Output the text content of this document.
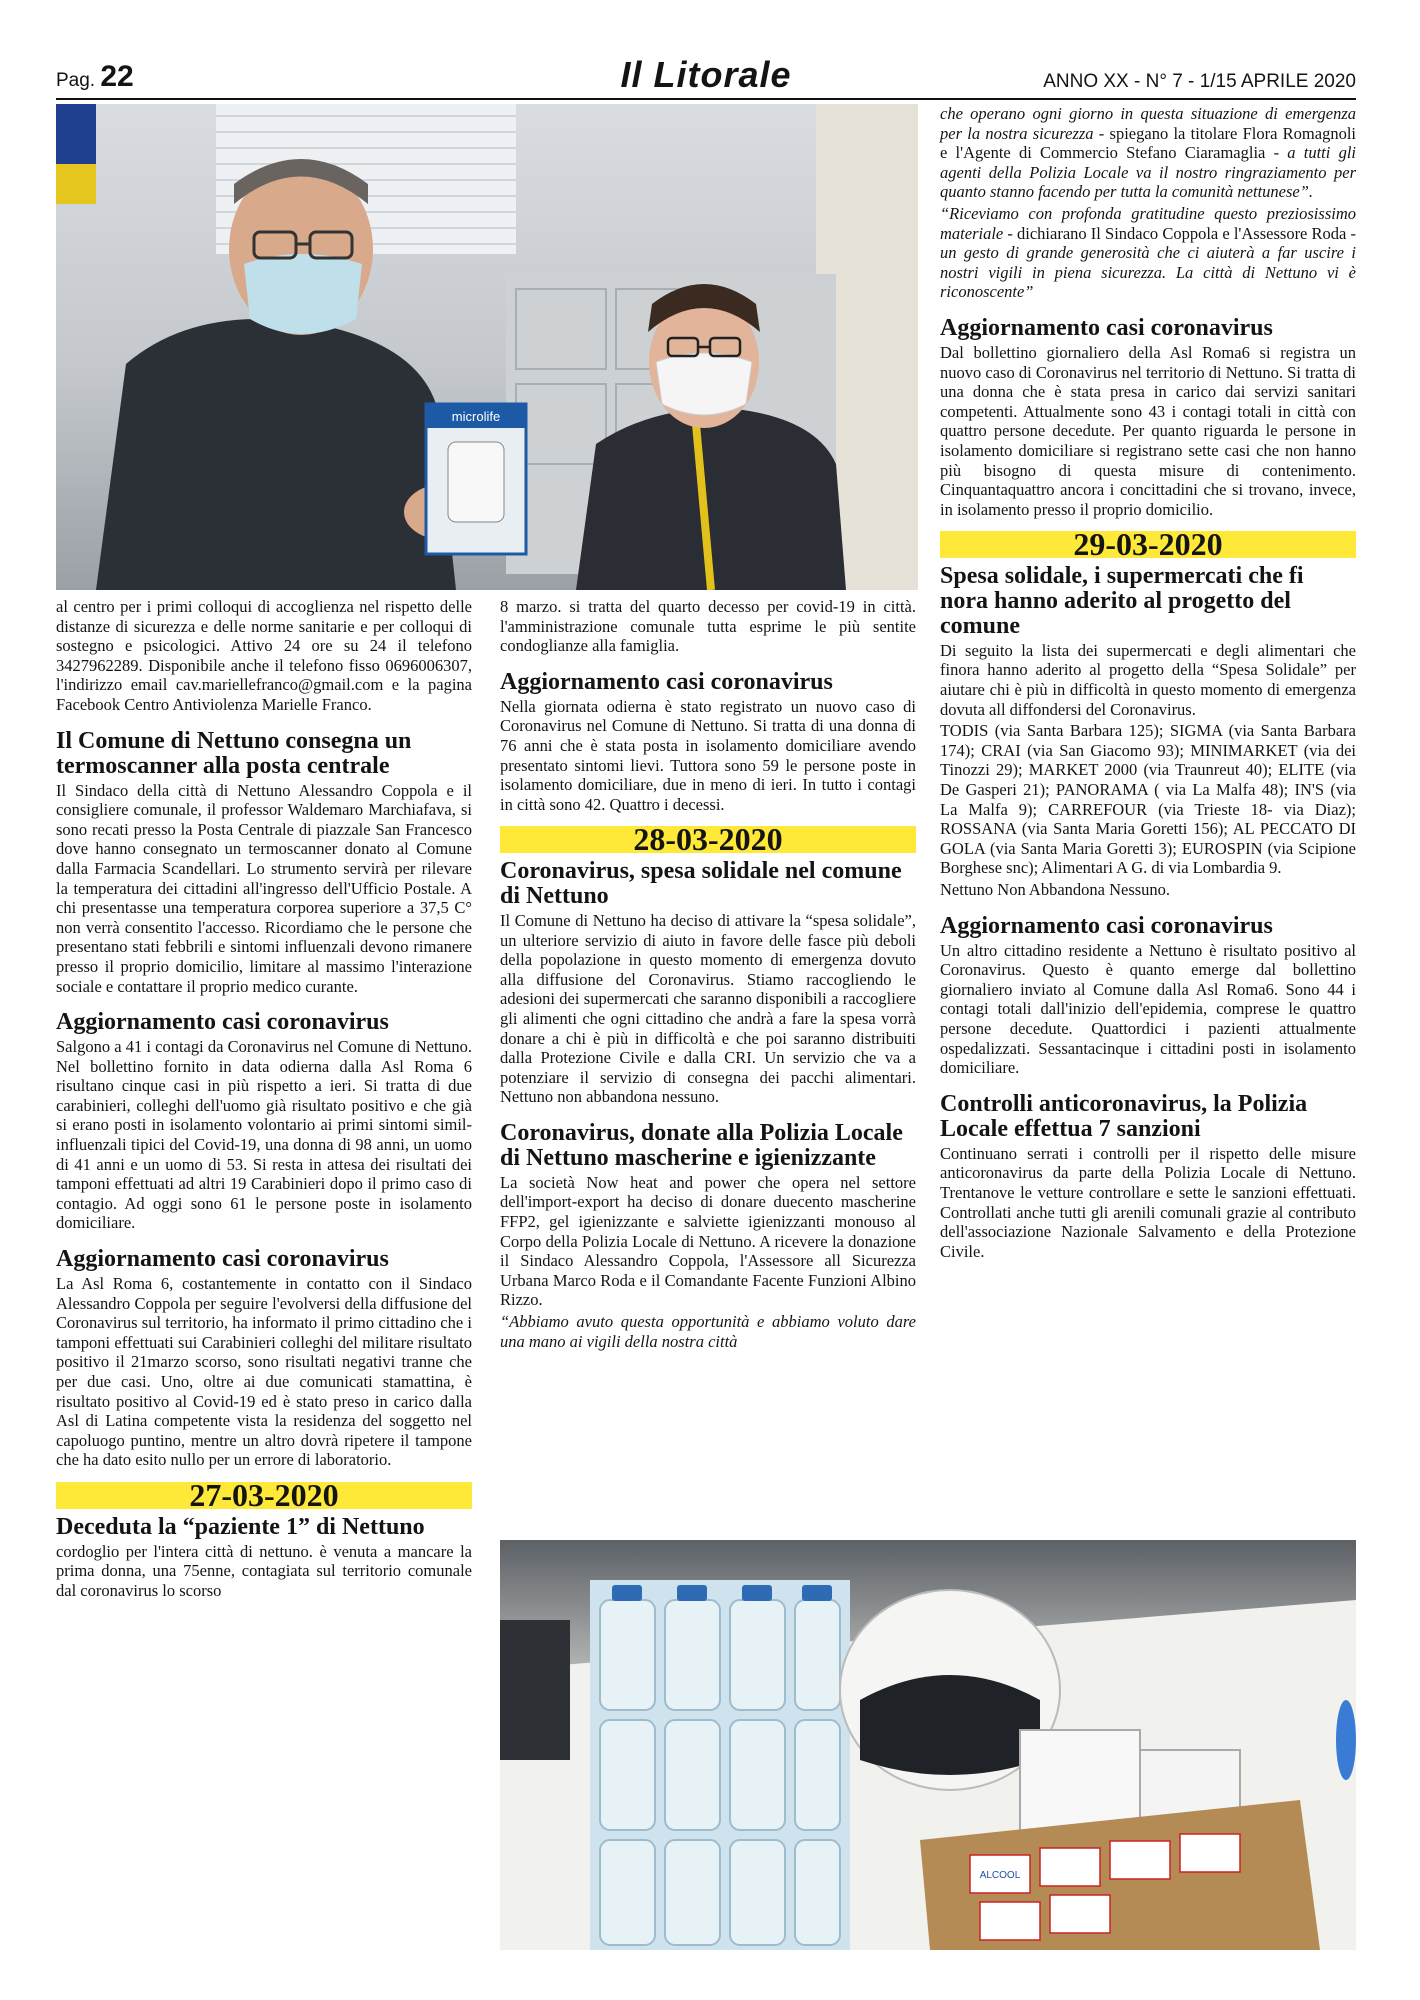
Pag. 22	Il Litorale	ANNO XX - N° 7 - 1/15 APRILE 2020
microlife

al centro per i primi colloqui di accoglienza nel rispetto delle distanze di sicurezza e delle norme sanitarie e per colloqui di sostegno e psicologici. Attivo 24 ore su 24 il telefono 3427962289. Disponibile anche il telefono fisso 0696006307, l'indirizzo email cav.mariellefranco@gmail.com e la pagina Facebook Centro Antiviolenza Marielle Franco.

Il Comune di Nettuno consegna un termoscanner alla posta centrale

Il Sindaco della città di Nettuno Alessandro Coppola e il consigliere comunale, il professor Waldemaro Marchiafava, si sono recati presso la Posta Centrale di piazzale San Francesco dove hanno consegnato un termoscanner donato al Comune dalla Farmacia Scandellari. Lo strumento servirà per rilevare la temperatura dei cittadini all'ingresso dell'Ufficio Postale. A chi presentasse una temperatura corporea superiore a 37,5 C° non verrà consentito l'accesso. Ricordiamo che le persone che presentano stati febbrili e sintomi influenzali devono rimanere presso il proprio domicilio, limitare al massimo l'interazione sociale e contattare il proprio medico curante.

Aggiornamento casi coronavirus

Salgono a 41 i contagi da Coronavirus nel Comune di Nettuno. Nel bollettino fornito in data odierna dalla Asl Roma 6 risultano cinque casi in più rispetto a ieri. Si tratta di due carabinieri, colleghi dell'uomo già risultato positivo e che già si erano posti in isolamento volontario ai primi sintomi simil-influenzali tipici del Covid-19, una donna di 98 anni, un uomo di 41 anni e un uomo di 53. Si resta in attesa dei risultati dei tamponi effettuati ad altri 19 Carabinieri dopo il primo caso di contagio. Ad oggi sono 61 le persone poste in isolamento domiciliare.

Aggiornamento casi coronavirus

La Asl Roma 6, costantemente in contatto con il Sindaco Alessandro Coppola per seguire l'evolversi della diffusione del Coronavirus sul territorio, ha informato il primo cittadino che i tamponi effettuati sui Carabinieri colleghi del militare risultato positivo il 21marzo scorso, sono risultati negativi tranne che per due casi. Uno, oltre ai due comunicati stamattina, è risultato positivo al Covid-19 ed è stato preso in carico dalla Asl di Latina competente vista la residenza del soggetto nel capoluogo puntino, mentre un altro dovrà ripetere il tampone che ha dato esito nullo per un errore di laboratorio.

27-03-2020
Deceduta la “paziente 1” di Nettuno

cordoglio per l'intera città di nettuno. è venuta a mancare la prima donna, una 75enne, contagiata sul territorio comunale dal coronavirus lo scorso

8 marzo. si tratta del quarto decesso per covid-19 in città. l'amministrazione comunale tutta esprime le più sentite condoglianze alla famiglia.

Aggiornamento casi coronavirus

Nella giornata odierna è stato registrato un nuovo caso di Coronavirus nel Comune di Nettuno. Si tratta di una donna di 76 anni che è stata posta in isolamento domiciliare avendo presentato sintomi lievi. Tuttora sono 59 le persone poste in isolamento domiciliare, due in meno di ieri. In tutto i contagi in città sono 42. Quattro i decessi.

28-03-2020
Coronavirus, spesa solidale nel comune di Nettuno

Il Comune di Nettuno ha deciso di attivare la “spesa solidale”, un ulteriore servizio di aiuto in favore delle fasce più deboli della popolazione in questo momento di emergenza dovuto alla diffusione del Coronavirus. Stiamo raccogliendo le adesioni dei supermercati che saranno disponibili a raccogliere gli alimenti che ogni cittadino che andrà a fare la spesa vorrà donare a chi è più in difficoltà e che poi saranno distribuiti dalla Protezione Civile e dalla CRI. Un servizio che va a potenziare il servizio di consegna dei pacchi alimentari. Nettuno non abbandona nessuno.

Coronavirus, donate alla Polizia Locale di Nettuno mascherine e igienizzante

La società Now heat and power che opera nel settore dell'import-export ha deciso di donare duecento mascherine FFP2, gel igienizzante e salviette igienizzanti monouso al Corpo della Polizia Locale di Nettuno. A ricevere la donazione il Sindaco Alessandro Coppola, l'Assessore all Sicurezza Urbana Marco Roda e il Comandante Facente Funzioni Albino Rizzo.

“Abbiamo avuto questa opportunità e abbiamo voluto dare una mano ai vigili della nostra città

che operano ogni giorno in questa situazione di emergenza per la nostra sicurezza - spiegano la titolare Flora Romagnoli e l'Agente di Commercio Stefano Ciaramaglia - a tutti gli agenti della Polizia Locale va il nostro ringraziamento per quanto stanno facendo per tutta la comunità nettunese”.

“Riceviamo con profonda gratitudine questo preziosissimo materiale - dichiarano Il Sindaco Coppola e l'Assessore Roda - un gesto di grande generosità che ci aiuterà a far uscire i nostri vigili in piena sicurezza. La città di Nettuno vi è riconoscente”

Aggiornamento casi coronavirus

Dal bollettino giornaliero della Asl Roma6 si registra un nuovo caso di Coronavirus nel territorio di Nettuno. Si tratta di una donna che è stata presa in carico dai servizi sanitari competenti. Attualmente sono 43 i contagi totali in città con quattro persone decedute. Per quanto riguarda le persone in isolamento domiciliare si registrano sette casi che non hanno più bisogno di questa misure di contenimento. Cinquantaquattro ancora i concittadini che si trovano, invece, in isolamento presso il proprio domicilio.

29-03-2020
Spesa solidale, i supermercati che fi nora hanno aderito al progetto del comune

Di seguito la lista dei supermercati e degli alimentari che finora hanno aderito al progetto della “Spesa Solidale” per aiutare chi è più in difficoltà in questo momento di emergenza dovuta all diffondersi del Coronavirus.

TODIS (via Santa Barbara 125); SIGMA (via Santa Barbara 174); CRAI (via San Giacomo 93); MINIMARKET (via dei Tinozzi 29); MARKET 2000 (via Traunreut 40); ELITE (via De Gasperi 21); PANORAMA ( via La Malfa 48); IN'S (via La Malfa 9); CARREFOUR (via Trieste 18- via Diaz); ROSSANA (via Santa Maria Goretti 156); AL PECCATO DI GOLA (via Santa Maria Goretti 3); EUROSPIN (via Scipione Borghese snc); Alimentari A G. di via Lombardia 9.

Nettuno Non Abbandona Nessuno.

Aggiornamento casi coronavirus

Un altro cittadino residente a Nettuno è risultato positivo al Coronavirus. Questo è quanto emerge dal bollettino giornaliero inviato al Comune dalla Asl Roma6. Sono 44 i contagi totali dall'inizio dell'epidemia, comprese le quattro persone decedute. Quattordici i pazienti attualmente ospedalizzati. Sessantacinque i cittadini posti in isolamento domiciliare.

Controlli anticoronavirus, la Polizia Locale effettua 7 sanzioni

Continuano serrati i controlli per il rispetto delle misure anticoronavirus da parte della Polizia Locale di Nettuno. Trentanove le vetture controllare e sette le sanzioni effettuati. Controllati anche tutti gli arenili comunali grazie al contributo dell'associazione Nazionale Salvamento e della Protezione Civile.

ALCOOL
